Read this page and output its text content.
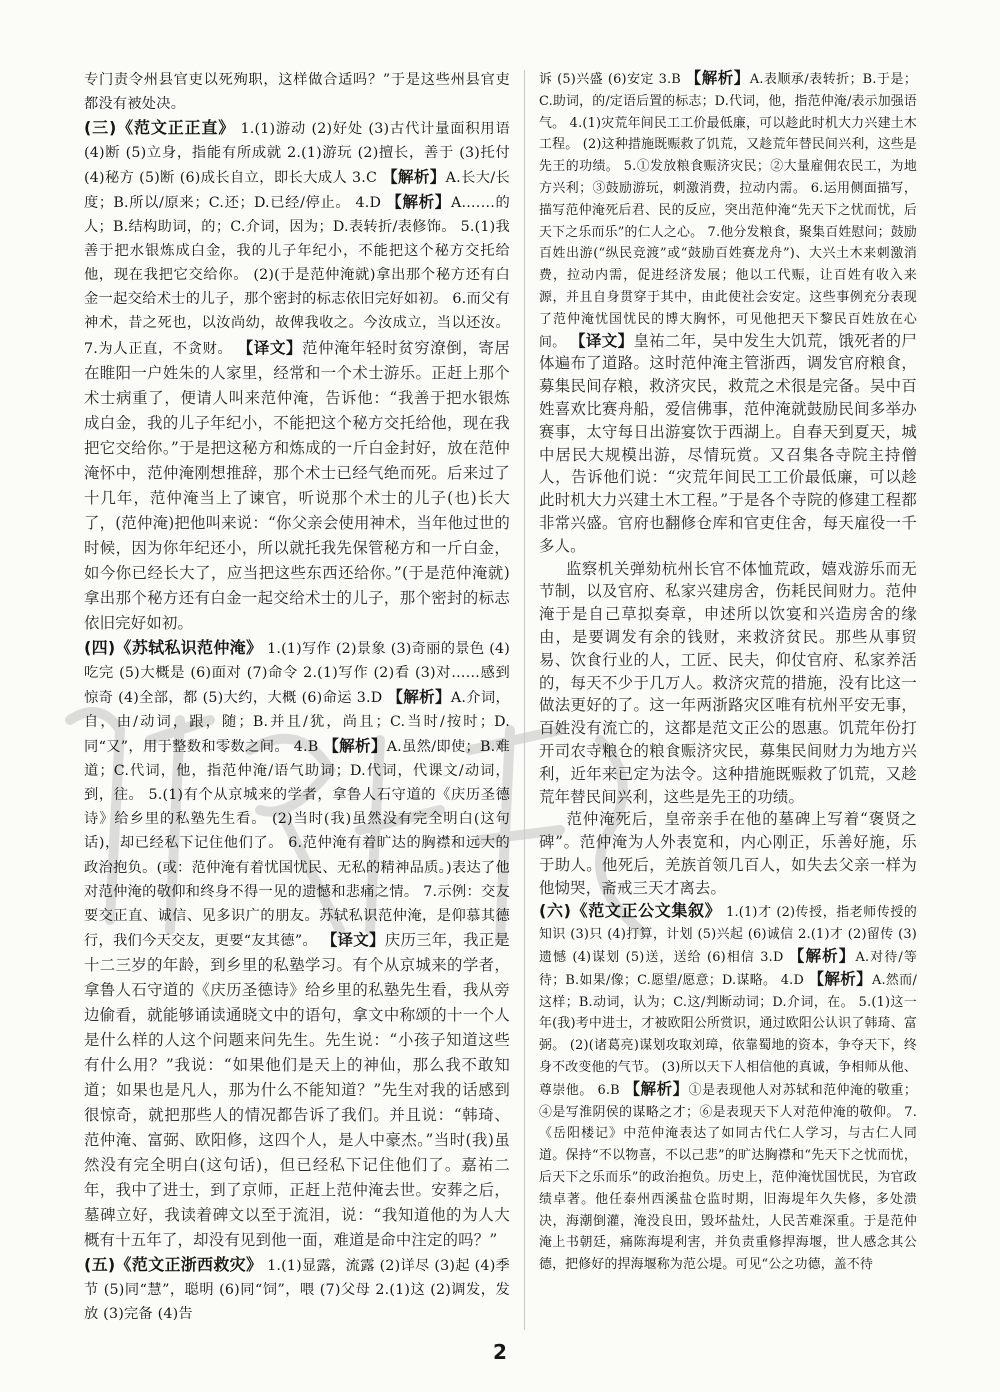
专门责令州县官吏以死殉职，这样做合适吗？”于是这些州县官吏都没有被处决。
(三)《范文正正直》 1.(1)游动 (2)好处 (3)古代计量面积用语 (4)断 (5)立身，指能有所成就 2.(1)游玩 (2)擅长，善于 (3)托付 (4)秘方 (5)断 (6)成长自立，即长大成人 3.C 【解析】A.长大/长度；B.所以/原来；C.还；D.已经/停止。 4.D 【解析】A.……的人；B.结构助词，的；C.介词，因为；D.表转折/表修饰。 5.(1)我善于把水银炼成白金，我的儿子年纪小，不能把这个秘方交托给他，现在我把它交给你。 (2)(于是范仲淹就)拿出那个秘方还有白金一起交给术士的儿子，那个密封的标志依旧完好如初。 6.而父有神术，昔之死也，以汝尚幼，故俾我收之。今汝成立，当以还汝。 7.为人正直，不贪财。 【译文】范仲淹年轻时贫穷潦倒，寄居在睢阳一户姓朱的人家里，经常和一个术士游乐。正赶上那个术士病重了，便请人叫来范仲淹，告诉他：“我善于把水银炼成白金，我的儿子年纪小，不能把这个秘方交托给他，现在我把它交给你。”于是把这秘方和炼成的一斤白金封好，放在范仲淹怀中，范仲淹刚想推辞，那个术士已经气绝而死。后来过了十几年，范仲淹当上了谏官，听说那个术士的儿子(也)长大了，(范仲淹)把他叫来说：“你父亲会使用神术，当年他过世的时候，因为你年纪还小，所以就托我先保管秘方和一斤白金，如今你已经长大了，应当把这些东西还给你。”(于是范仲淹就)拿出那个秘方还有白金一起交给术士的儿子，那个密封的标志依旧完好如初。
(四)《苏轼私识范仲淹》 1.(1)写作 (2)景象 (3)奇丽的景色 (4)吃完 (5)大概是 (6)面对 (7)命令 2.(1)写作 (2)看 (3)对……感到惊奇 (4)全部，都 (5)大约，大概 (6)命运 3.D 【解析】A.介词，自，由/动词，跟，随；B.并且/犹，尚且；C.当时/按时；D.同“又”，用于整数和零数之间。 4.B 【解析】A.虽然/即使；B.难道；C.代词，他，指范仲淹/语气助词；D.代词，代课文/动词，到，往。 5.(1)有个从京城来的学者，拿鲁人石守道的《庆历圣德诗》给乡里的私塾先生看。 (2)当时(我)虽然没有完全明白(这句话)，却已经私下记住他们了。 6.范仲淹有着旷达的胸襟和远大的政治抱负。(或：范仲淹有着忧国忧民、无私的精神品质。)表达了他对范仲淹的敬仰和终身不得一见的遗憾和悲痛之情。 7.示例：交友要交正直、诚信、见多识广的朋友。苏轼私识范仲淹，是仰慕其德行，我们今天交友，更要“友其德”。 【译文】庆历三年，我正是十二三岁的年龄，到乡里的私塾学习。有个从京城来的学者，拿鲁人石守道的《庆历圣德诗》给乡里的私塾先生看，我从旁边偷看，就能够诵读通晓文中的语句，拿文中称颂的十一个人是什么样的人这个问题来问先生。先生说：“小孩子知道这些有什么用？”我说：“如果他们是天上的神仙，那么我不敢知道；如果也是凡人，那为什么不能知道？”先生对我的话感到很惊奇，就把那些人的情况都告诉了我们。并且说：“韩琦、范仲淹、富弼、欧阳修，这四个人，是人中豪杰。”当时(我)虽然没有完全明白(这句话)，但已经私下记住他们了。嘉祐二年，我中了进士，到了京师，正赶上范仲淹去世。安葬之后，墓碑立好，我读着碑文以至于流泪，说：“我知道他的为人大概有十五年了，却没有见到他一面，难道是命中注定的吗？”
(五)《范文正浙西救灾》 1.(1)显露，流露 (2)详尽 (3)起 (4)季节 (5)同“慧”，聪明 (6)同“饲”，喂 (7)父母 2.(1)这 (2)调发，发放 (3)完备 (4)告

诉 (5)兴盛 (6)安定 3.B 【解析】A.表顺承/表转折；B.于是；C.助词，的/定语后置的标志；D.代词，他，指范仲淹/表示加强语气。 4.(1)灾荒年间民工工价最低廉，可以趁此时机大力兴建土木工程。 (2)这种措施既赈救了饥荒，又趁荒年替民间兴利，这些是先王的功绩。 5.①发放粮食赈济灾民；②大量雇佣农民工，为地方兴利；③鼓励游玩，刺激消费，拉动内需。 6.运用侧面描写，描写范仲淹死后君、民的反应，突出范仲淹“先天下之忧而忧，后天下之乐而乐”的仁人之心。 7.他分发粮食，聚集百姓慰问；鼓励百姓出游(“纵民竞渡”或“鼓励百姓赛龙舟”)、大兴土木来刺激消费，拉动内需，促进经济发展；他以工代赈，让百姓有收入来源，并且自身贯穿于其中，由此使社会安定。这些事例充分表现了范仲淹忧国忧民的博大胸怀，可见他把天下黎民百姓放在心间。 【译文】皇祐二年，吴中发生大饥荒，饿死者的尸体遍布了道路。这时范仲淹主管浙西，调发官府粮食，募集民间存粮，救济灾民，救荒之术很是完备。吴中百姓喜欢比赛舟船，爱信佛事，范仲淹就鼓励民间多举办赛事，太守每日出游宴饮于西湖上。自春天到夏天，城中居民大规模出游，尽情玩赏。又召集各寺院主持僧人，告诉他们说：“灾荒年间民工工价最低廉，可以趁此时机大力兴建土木工程。”于是各个寺院的修建工程都非常兴盛。官府也翻修仓库和官吏住舍，每天雇役一千多人。
　　监察机关弹劾杭州长官不体恤荒政，嬉戏游乐而无节制，以及官府、私家兴建房舍，伤耗民间财力。范仲淹于是自己草拟奏章，申述所以饮宴和兴造房舍的缘由，是要调发有余的钱财，来救济贫民。那些从事贸易、饮食行业的人，工匠、民夫，仰仗官府、私家养活的，每天不少于几万人。救济灾荒的措施，没有比这一做法更好的了。这一年两浙路灾区唯有杭州平安无事，百姓没有流亡的，这都是范文正公的恩惠。饥荒年份打开司农寺粮仓的粮食赈济灾民，募集民间财力为地方兴利，近年来已定为法令。这种措施既赈救了饥荒，又趁荒年替民间兴利，这些是先王的功绩。
　　范仲淹死后，皇帝亲手在他的墓碑上写着“褒贤之碑”。范仲淹为人外表宽和，内心刚正，乐善好施，乐于助人。他死后，羌族首领几百人，如失去父亲一样为他恸哭，斋戒三天才离去。
(六)《范文正公文集叙》 1.(1)才 (2)传授，指老师传授的知识 (3)只 (4)打算，计划 (5)兴起 (6)诚信 2.(1)才 (2)留传 (3)遗憾 (4)谋划 (5)送，送给 (6)相信 3.D 【解析】A.对待/等待；B.如果/像；C.愿望/愿意；D.谋略。 4.D 【解析】A.然而/这样；B.动词，认为；C.这/判断动词；D.介词，在。 5.(1)这一年(我)考中进士，才被欧阳公所赏识，通过欧阳公认识了韩琦、富弼。 (2)(诸葛亮)谋划攻取刘璋，依靠蜀地的资本，争夺天下，终身不改变他的气节。 (3)所以天下人相信他的真诚，争相师从他、尊崇他。 6.B 【解析】①是表现他人对苏轼和范仲淹的敬重；④是写淮阴侯的谋略之才；⑥是表现天下人对范仲淹的敬仰。 7.《岳阳楼记》中范仲淹表达了如同古代仁人学习，与古仁人同道。保持“不以物喜，不以己悲”的旷达胸襟和“先天下之忧而忧，后天下之乐而乐”的政治抱负。历史上，范仲淹忧国忧民，为官政绩卓著。他任泰州西溪盐仓监时期，旧海堤年久失修，多处溃决，海潮倒灌，淹没良田，毁坏盐灶，人民苦难深重。于是范仲淹上书朝廷，痛陈海堤利害，并负责重修捍海堰，世人感念其公德，把修好的捍海堰称为范公堤。可见“公之功德，盖不待

2
